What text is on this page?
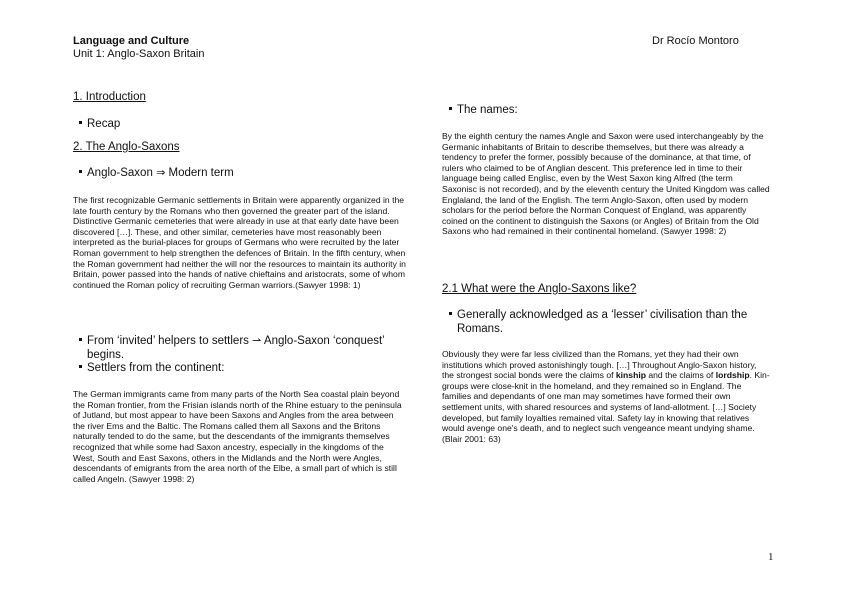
Language and Culture
Unit 1: Anglo-Saxon Britain
Dr Rocío Montoro
1. Introduction
Recap
2. The Anglo-Saxons
Anglo-Saxon ⇒ Modern term
The first recognizable Germanic settlements in Britain were apparently organized in the late fourth century by the Romans who then governed the greater part of the island. Distinctive Germanic cemeteries that were already in use at that early date have been discovered […]. These, and other similar, cemeteries have most reasonably been interpreted as the burial-places for groups of Germans who were recruited by the later Roman government to help strengthen the defences of Britain. In the fifth century, when the Roman government had neither the will nor the resources to maintain its authority in Britain, power passed into the hands of native chieftains and aristocrats, some of whom continued the Roman policy of recruiting German warriors.(Sawyer 1998: 1)
From ‘invited’ helpers to settlers ⇀ Anglo-Saxon ‘conquest’
begins.
Settlers from the continent:
The German immigrants came from many parts of the North Sea coastal plain beyond the Roman frontier, from the Frisian islands north of the Rhine estuary to the peninsula of Jutland, but most appear to have been Saxons and Angles from the area between the river Ems and the Baltic. The Romans called them all Saxons and the Britons naturally tended to do the same, but the descendants of the immigrants themselves recognized that while some had Saxon ancestry, especially in the kingdoms of the West, South and East Saxons, others in the Midlands and the North were Angles, descendants of emigrants from the area north of the Elbe, a small part of which is still called Angeln. (Sawyer 1998: 2)
The names:
By the eighth century the names Angle and Saxon were used interchangeably by the Germanic inhabitants of Britain to describe themselves, but there was already a tendency to prefer the former, possibly because of the dominance, at that time, of rulers who claimed to be of Anglian descent. This preference led in time to their language being called Englisc, even by the West Saxon king Alfred (the term Saxonisc is not recorded), and by the eleventh century the United Kingdom was called Englaland, the land of the English. The term Anglo-Saxon, often used by modern scholars for the period before the Norman Conquest of England, was apparently coined on the continent to distinguish the Saxons (or Angles) of Britain from the Old Saxons who had remained in their continental homeland. (Sawyer 1998: 2)
2.1 What were the Anglo-Saxons like?
Generally acknowledged as a ‘lesser’ civilisation than the
Romans.
Obviously they were far less civilized than the Romans, yet they had their own institutions which proved astonishingly tough. […] Throughout Anglo-Saxon history, the strongest social bonds were the claims of kinship and the claims of lordship. Kin-groups were close-knit in the homeland, and they remained so in England. The families and dependants of one man may sometimes have formed their own settlement units, with shared resources and systems of land-allotment. […] Society developed, but family loyalties remained vital. Safety lay in knowing that relatives would avenge one's death, and to neglect such vengeance meant undying shame. (Blair 2001: 63)
1
